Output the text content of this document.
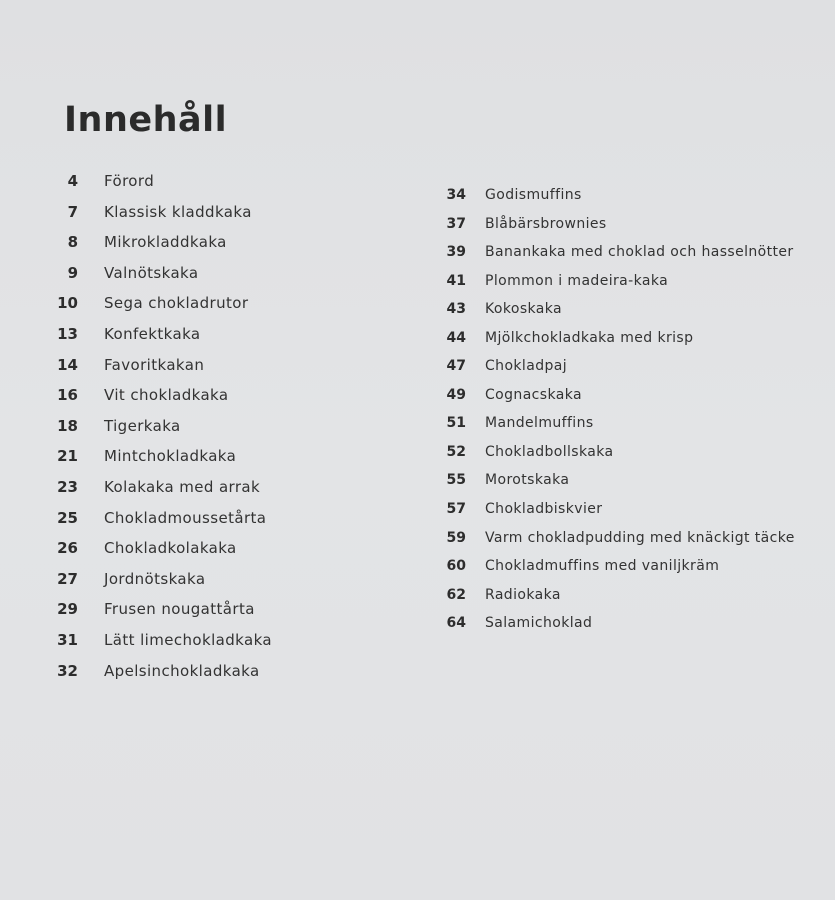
Innehåll
4 Förord
7 Klassisk kladdkaka
8 Mikrokladdkaka
9 Valnötskaka
10 Sega chokladrutor
13 Konfektkaka
14 Favoritkakan
16 Vit chokladkaka
18 Tigerkaka
21 Mintchokladkaka
23 Kolakaka med arrak
25 Chokladmoussetårta
26 Chokladkolakaka
27 Jordnötskaka
29 Frusen nougattårta
31 Lätt limechokladkaka
32 Apelsinchokladkaka
34 Godismuffins
37 Blåbärsbrownies
39 Banankaka med choklad och hasselnötter
41 Plommon i madeira-kaka
43 Kokoskaka
44 Mjölkchokladkaka med krisp
47 Chokladpaj
49 Cognacskaka
51 Mandelmuffins
52 Chokladbollskaka
55 Morotskaka
57 Chokladbiskvier
59 Varm chokladpudding med knäckigt täcke
60 Chokladmuffins med vaniljkräm
62 Radiokaka
64 Salamichoklad
